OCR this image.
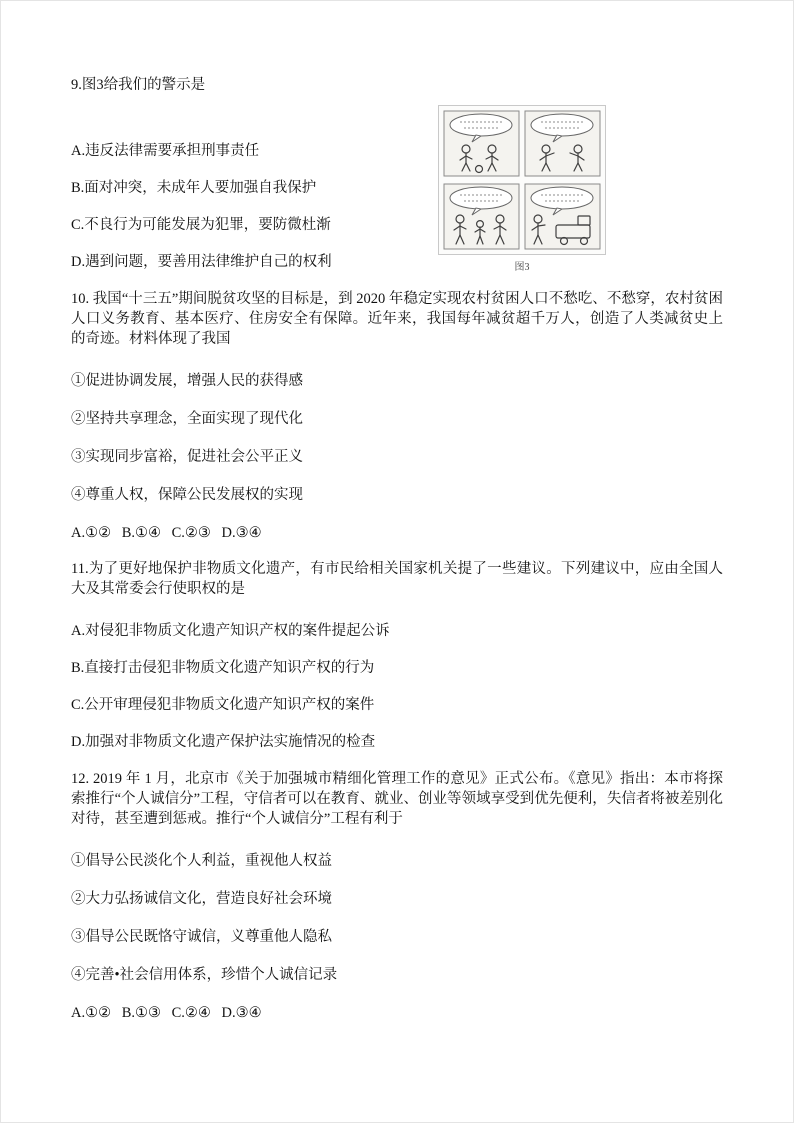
9.图3给我们的警示是

A.违反法律需要承担刑事责任

B.面对冲突，未成年人要加强自我保护

C.不良行为可能发展为犯罪，要防微杜渐

D.遇到问题，要善用法律维护自己的权利	图3

10. 我国“十三五”期间脱贫攻坚的目标是，到 2020 年稳定实现农村贫困人口不愁吃、不愁穿，农村贫困人口义务教育、基本医疗、住房安全有保障。近年来，我国每年减贫超千万人，创造了人类减贫史上的奇迹。材料体现了我国

①促进协调发展，增强人民的获得感

②坚持共享理念，全面实现了现代化

③实现同步富裕，促进社会公平正义

④尊重人权，保障公民发展权的实现

A.①② B.①④ C.②③ D.③④

11.为了更好地保护非物质文化遗产，有市民给相关国家机关提了一些建议。下列建议中，应由全国人大及其常委会行使职权的是

A.对侵犯非物质文化遗产知识产权的案件提起公诉

B.直接打击侵犯非物质文化遗产知识产权的行为

C.公开审理侵犯非物质文化遗产知识产权的案件

D.加强对非物质文化遗产保护法实施情况的检查

12. 2019 年 1 月，北京市《关于加强城市精细化管理工作的意见》正式公布。《意见》指出：本市将探索推行“个人诚信分”工程，守信者可以在教育、就业、创业等领域享受到优先便利，失信者将被差别化对待，甚至遭到惩戒。推行“个人诚信分”工程有利于

①倡导公民淡化个人利益，重视他人权益

②大力弘扬诚信文化，营造良好社会环境

③倡导公民既恪守诚信，义尊重他人隐私

④完善•社会信用体系，珍惜个人诚信记录

A.①② B.①③ C.②④ D.③④
